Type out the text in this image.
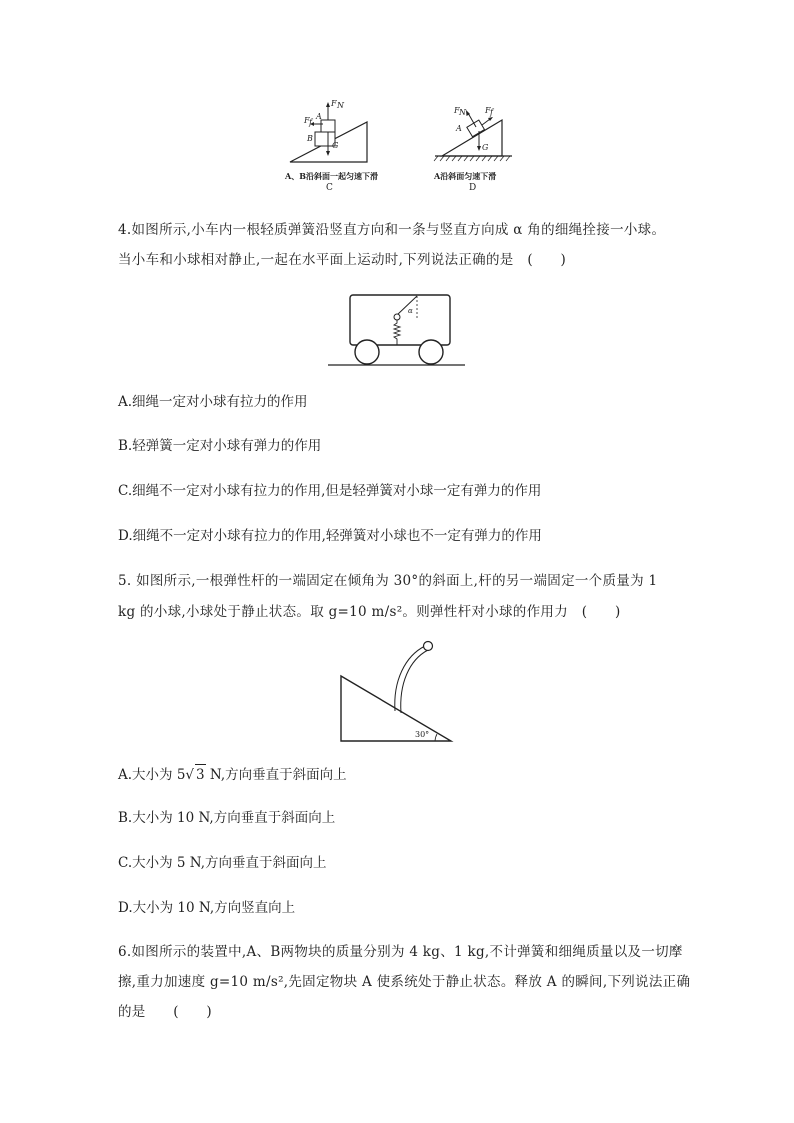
F N
F f
A
B
G
A、B沿斜面一起匀速下滑
C
F N F f
A
G
A沿斜面匀速下滑
D
4.如图所示,小车内一根轻质弹簧沿竖直方向和一条与竖直方向成 α 角的细绳拴接一小球。
当小车和小球相对静止,一起在水平面上运动时,下列说法正确的是　(　　)
α
A.细绳一定对小球有拉力的作用
B.轻弹簧一定对小球有弹力的作用
C.细绳不一定对小球有拉力的作用,但是轻弹簧对小球一定有弹力的作用
D.细绳不一定对小球有拉力的作用,轻弹簧对小球也不一定有弹力的作用
5. 如图所示,一根弹性杆的一端固定在倾角为 30°的斜面上,杆的另一端固定一个质量为 1
kg 的小球,小球处于静止状态。取 g=10 m/s²。则弹性杆对小球的作用力　(　　)
30°
A.大小为 5√ 3 N,方向垂直于斜面向上
B.大小为 10 N,方向垂直于斜面向上
C.大小为 5 N,方向垂直于斜面向上
D.大小为 10 N,方向竖直向上
6.如图所示的装置中,A、B两物块的质量分别为 4 kg、1 kg,不计弹簧和细绳质量以及一切摩
擦,重力加速度 g=10 m/s²,先固定物块 A 使系统处于静止状态。释放 A 的瞬间,下列说法正确
的是　　(　　)
